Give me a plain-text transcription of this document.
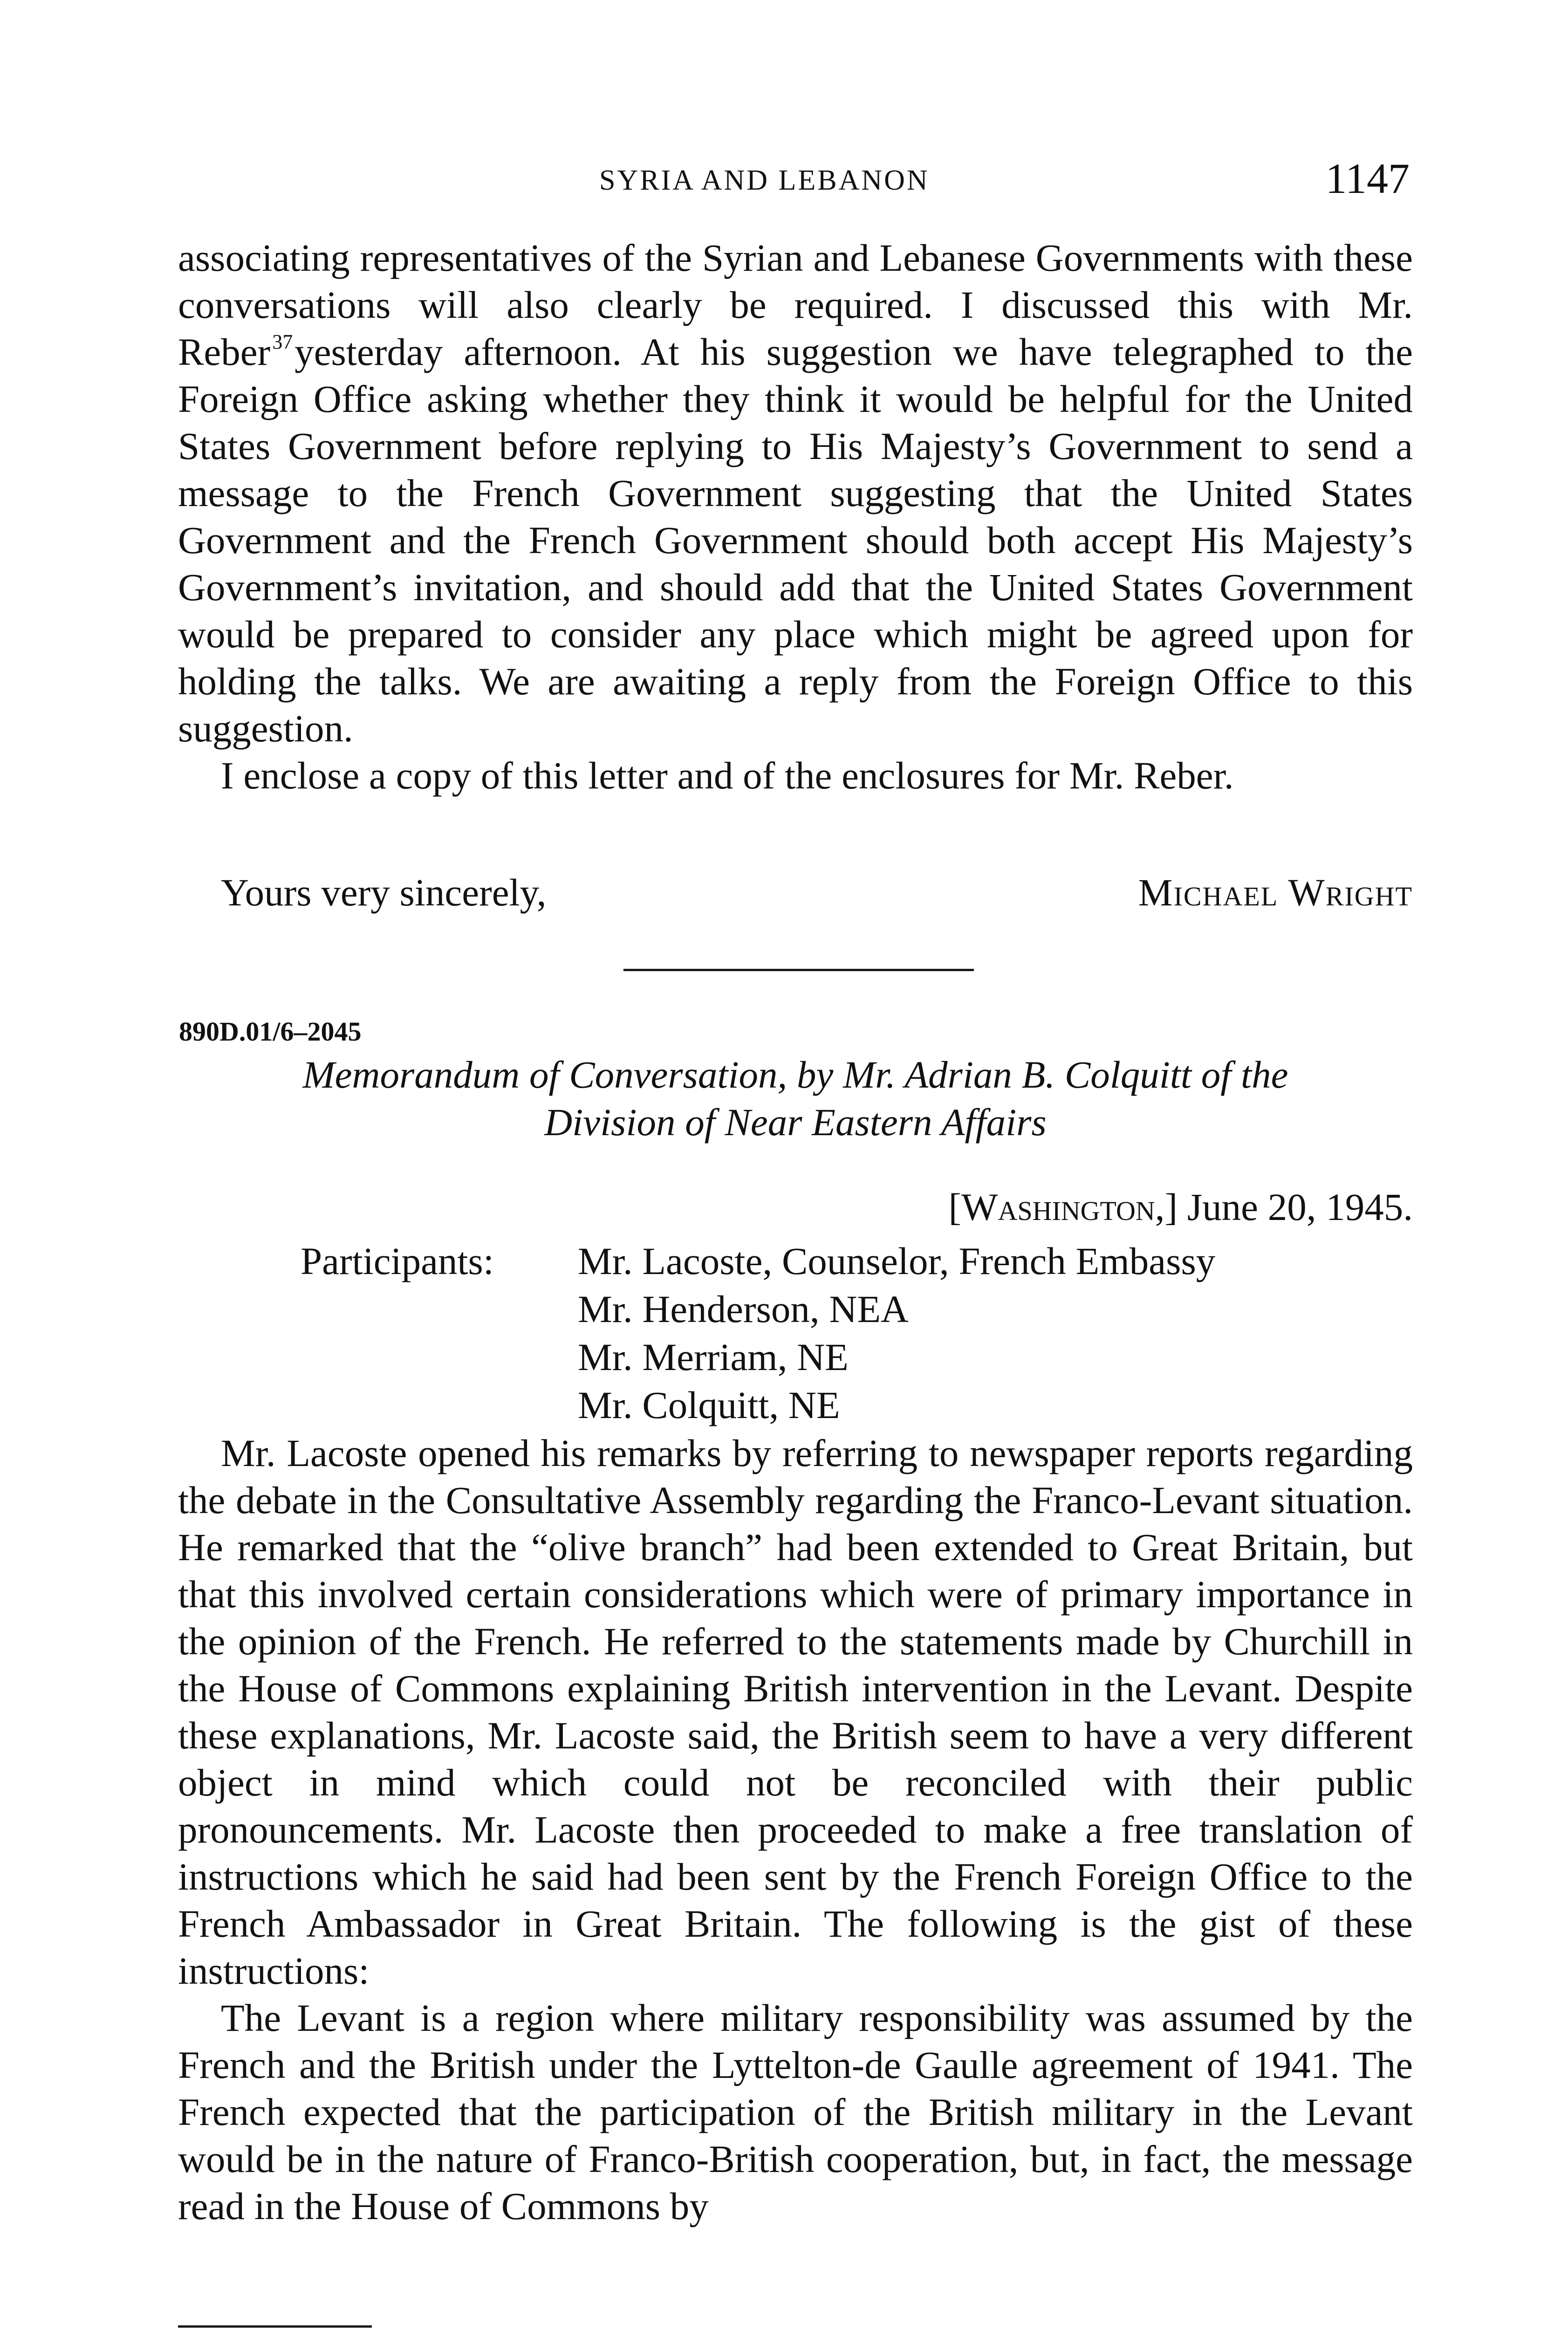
SYRIA AND LEBANON	1147

associating representatives of the Syrian and Lebanese Governments with these conversations will also clearly be required. I discussed this with Mr. Reber$^{37}$yesterday afternoon. At his suggestion we have telegraphed to the Foreign Office asking whether they think it would be helpful for the United States Government before replying to His Majesty’s Government to send a message to the French Government suggesting that the United States Government and the French Government should both accept His Majesty’s Government’s invitation, and should add that the United States Government would be prepared to consider any place which might be agreed upon for holding the talks. We are awaiting a reply from the Foreign Office to this suggestion.

I enclose a copy of this letter and of the enclosures for Mr. Reber.

Yours very sincerely,	Michael Wright
890D.01/6–2045
Memorandum of Conversation, by Mr. Adrian B. Colquitt of the
Division of Near Eastern Affairs
[Washington,] June 20, 1945.
Participants: Mr. Lacoste, Counselor, French Embassy
Mr. Henderson, NEA
Mr. Merriam, NE
Mr. Colquitt, NE

Mr. Lacoste opened his remarks by referring to newspaper reports regarding the debate in the Consultative Assembly regarding the Franco-Levant situation. He remarked that the “olive branch” had been extended to Great Britain, but that this involved certain considerations which were of primary importance in the opinion of the French. He referred to the statements made by Churchill in the House of Commons explaining British intervention in the Levant. Despite these explanations, Mr. Lacoste said, the British seem to have a very different object in mind which could not be reconciled with their public pronouncements. Mr. Lacoste then proceeded to make a free translation of instructions which he said had been sent by the French Foreign Office to the French Ambassador in Great Britain. The following is the gist of these instructions:

The Levant is a region where military responsibility was assumed by the French and the British under the Lyttelton-de Gaulle agreement of 1941. The French expected that the participation of the British military in the Levant would be in the nature of Franco-British cooperation, but, in fact, the message read in the House of Commons by
